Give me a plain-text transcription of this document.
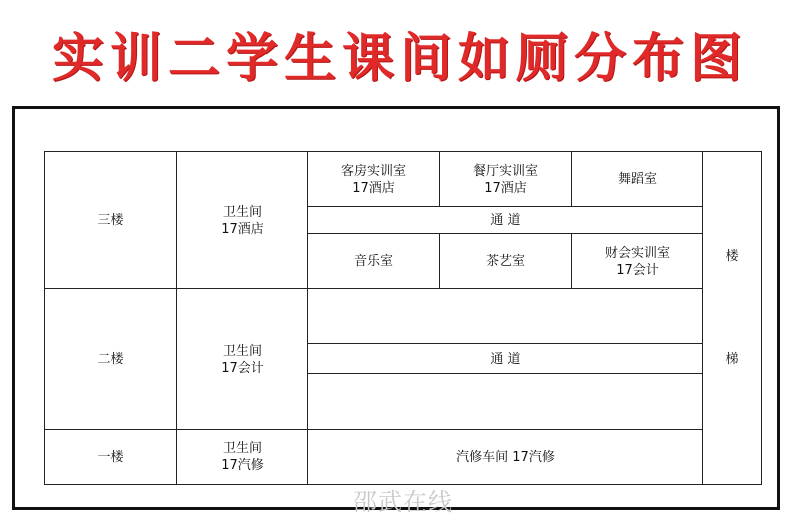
实训二学生课间如厕分布图
三楼
卫生间
17酒店
客房实训室
17酒店
餐厅实训室
17酒店
舞蹈室
通 道
音乐室	茶艺室
财会实训室
17会计
二楼
卫生间
17会计
通 道
一楼
卫生间
17汽修
汽修车间 17汽修
楼
梯
邵武在线
